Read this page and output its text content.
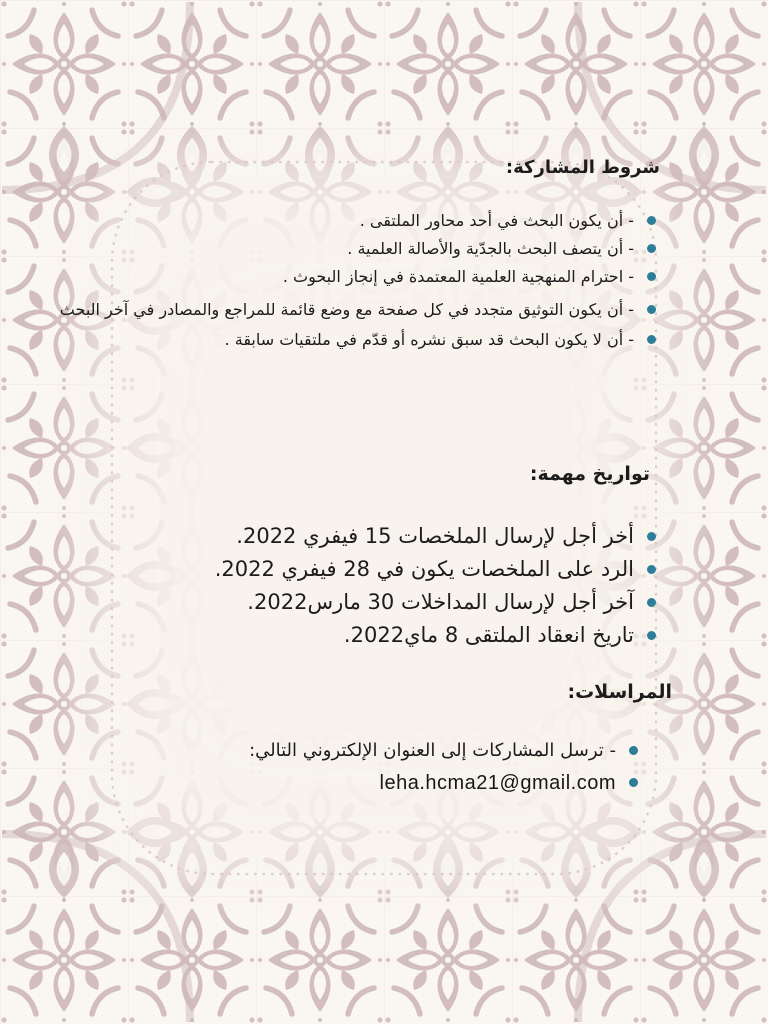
شروط المشاركة:
- أن يكون البحث في أحد محاور الملتقى .
- أن يتصف البحث بالجدّية والأصالة العلمية .
- احترام المنهجية العلمية المعتمدة في إنجاز البحوث .
- أن يكون التوثيق متجدد في كل صفحة مع وضع قائمة للمراجع والمصادر في آخر البحث
- أن لا يكون البحث قد سبق نشره أو قدّم في ملتقيات سابقة .
تواريخ مهمة:
أخر أجل لإرسال الملخصات 15 فيفري 2022.
الرد على الملخصات يكون في 28 فيفري 2022.
آخر أجل لإرسال المداخلات 30 مارس2022.
تاريخ انعقاد الملتقى 8 ماي2022.
المراسلات:
- ترسل المشاركات إلى العنوان الإلكتروني التالي:
leha.hcma21@gmail.com
